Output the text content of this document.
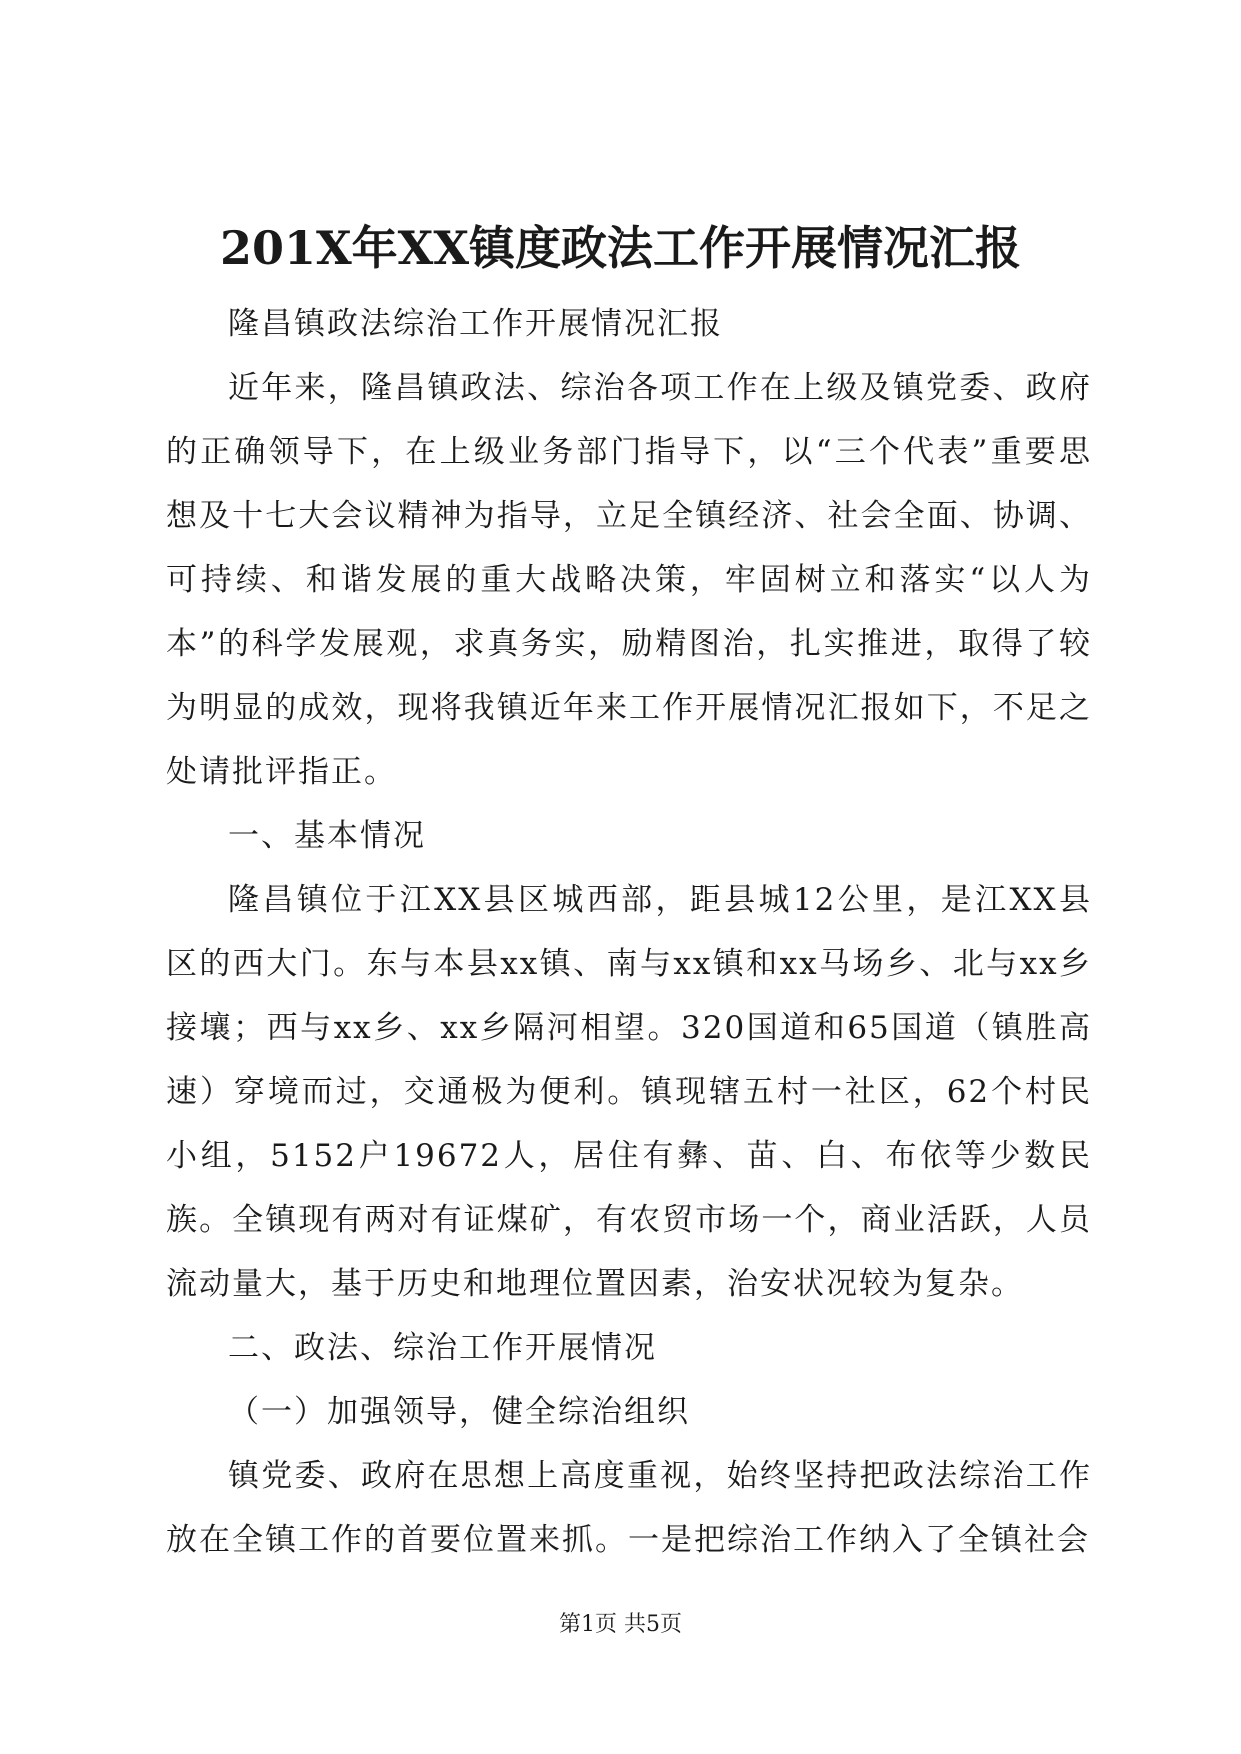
201X年XX镇度政法工作开展情况汇报

隆昌镇政法综治工作开展情况汇报

近年来，隆昌镇政法、综治各项工作在上级及镇党委、政府的正确领导下，在上级业务部门指导下，以“三个代表”重要思想及十七大会议精神为指导，立足全镇经济、社会全面、协调、可持续、和谐发展的重大战略决策，牢固树立和落实“以人为本”的科学发展观，求真务实，励精图治，扎实推进，取得了较为明显的成效，现将我镇近年来工作开展情况汇报如下，不足之处请批评指正。

一、基本情况

隆昌镇位于江XX县区城西部，距县城12公里，是江XX县区的西大门。东与本县xx镇、南与xx镇和xx马场乡、北与xx乡接壤；西与xx乡、xx乡隔河相望。320国道和65国道（镇胜高速）穿境而过，交通极为便利。镇现辖五村一社区，62个村民小组，5152户19672人，居住有彝、苗、白、布依等少数民族。全镇现有两对有证煤矿，有农贸市场一个，商业活跃，人员流动量大，基于历史和地理位置因素，治安状况较为复杂。

二、政法、综治工作开展情况

（一）加强领导，健全综治组织

镇党委、政府在思想上高度重视，始终坚持把政法综治工作放在全镇工作的首要位置来抓。一是把综治工作纳入了全镇社会

第1页 共5页
